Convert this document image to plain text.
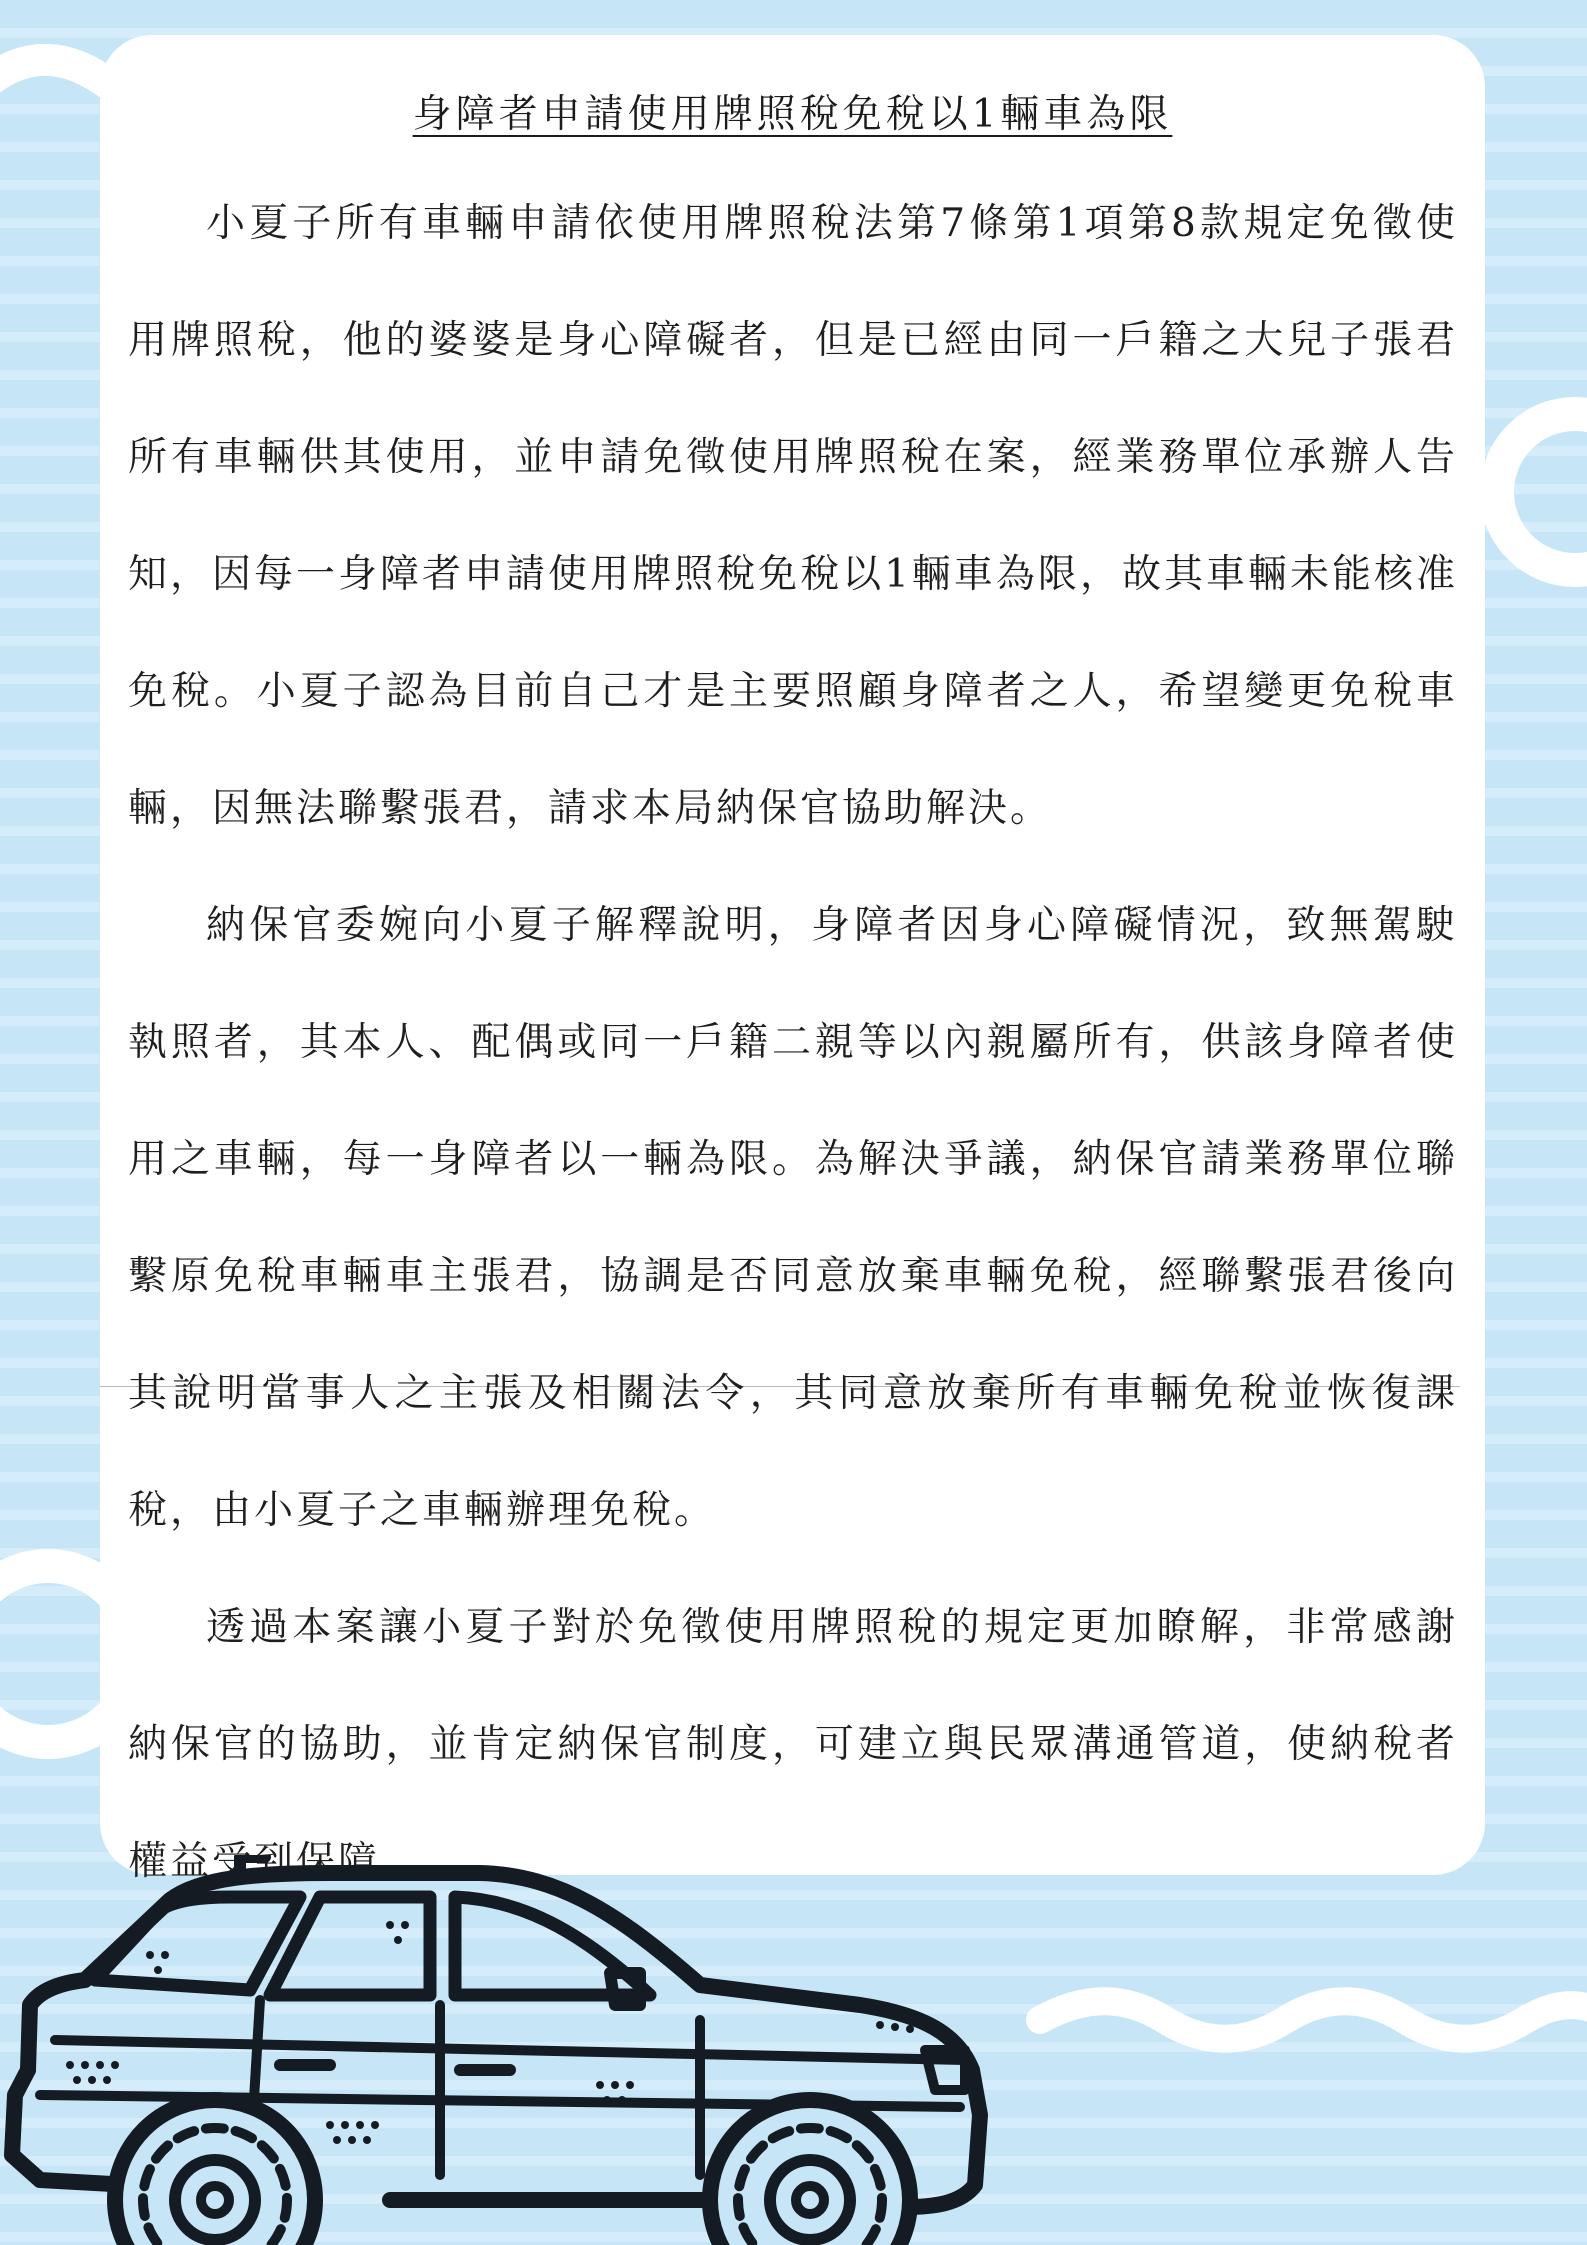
身障者申請使用牌照稅免稅以1輛車為限

小夏子所有車輛申請依使用牌照稅法第7條第1項第8款規定免徵使用牌照稅，他的婆婆是身心障礙者，但是已經由同一戶籍之大兒子張君所有車輛供其使用，並申請免徵使用牌照稅在案，經業務單位承辦人告知，因每一身障者申請使用牌照稅免稅以1輛車為限，故其車輛未能核准免稅。小夏子認為目前自己才是主要照顧身障者之人，希望變更免稅車輛，因無法聯繫張君，請求本局納保官協助解決。

納保官委婉向小夏子解釋說明，身障者因身心障礙情況，致無駕駛執照者，其本人、配偶或同一戶籍二親等以內親屬所有，供該身障者使用之車輛，每一身障者以一輛為限。為解決爭議，納保官請業務單位聯繫原免稅車輛車主張君，協調是否同意放棄車輛免稅，經聯繫張君後向其說明當事人之主張及相關法令，其同意放棄所有車輛免稅並恢復課稅，由小夏子之車輛辦理免稅。

透過本案讓小夏子對於免徵使用牌照稅的規定更加瞭解，非常感謝納保官的協助，並肯定納保官制度，可建立與民眾溝通管道，使納稅者權益受到保障。
